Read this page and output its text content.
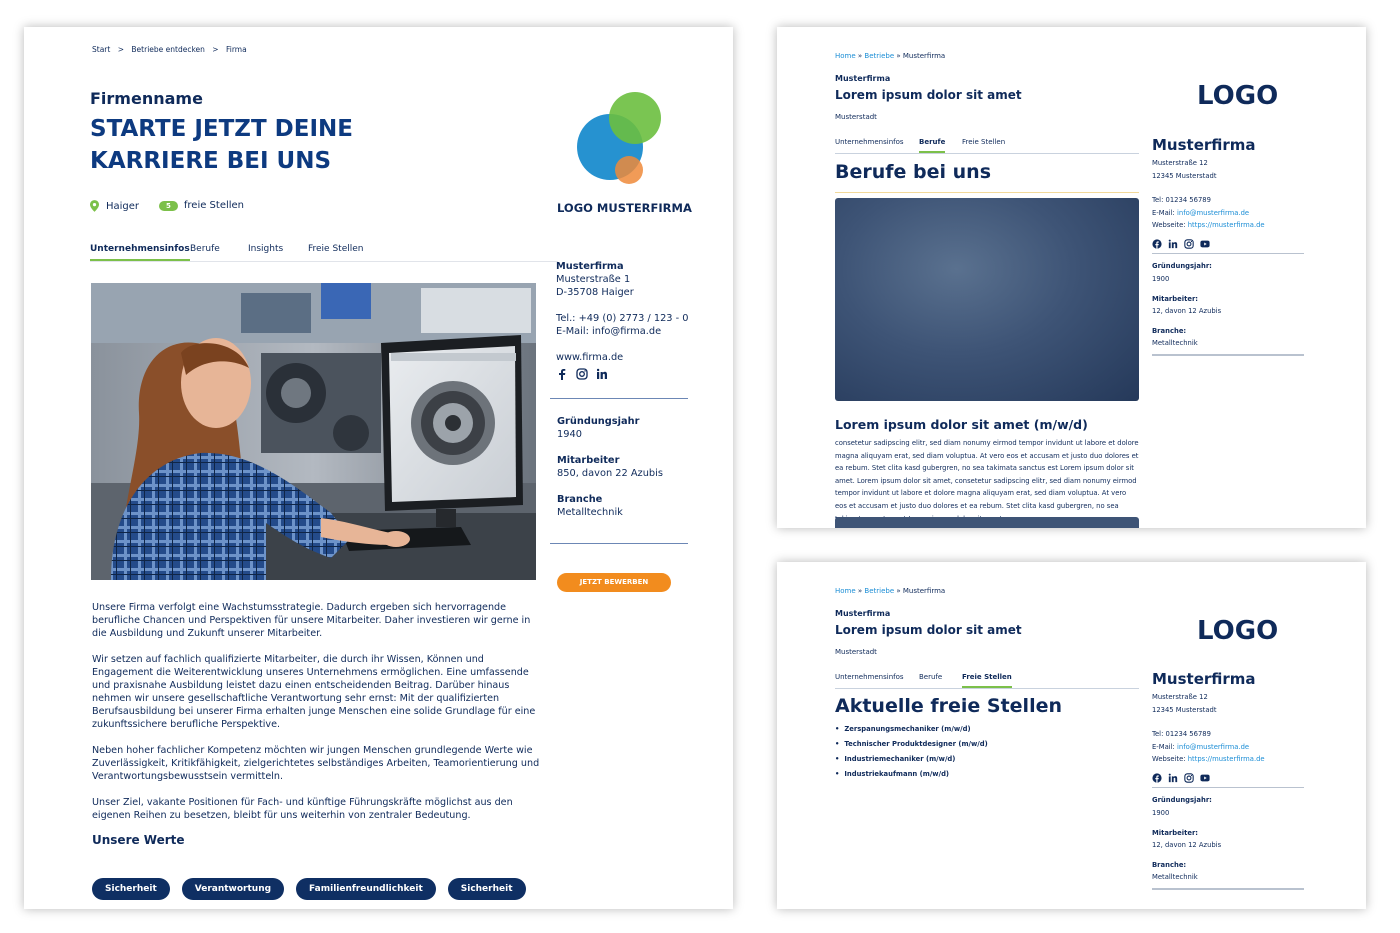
Start > Betriebe entdecken > Firma
Firmenname
STARTE JETZT DEINE
KARRIERE BEI UNS
Haiger	5	freie Stellen
Unternehmensinfos Berufe	Insights	Freie Stellen

Unsere Firma verfolgt eine Wachstumsstrategie. Dadurch ergeben sich hervorragende berufliche Chancen und Perspektiven für unsere Mitarbeiter. Daher investieren wir gerne in die Ausbildung und Zukunft unserer Mitarbeiter.

Wir setzen auf fachlich qualifizierte Mitarbeiter, die durch ihr Wissen, Können und Engagement die Weiterentwicklung unseres Unternehmens ermöglichen. Eine umfassende und praxisnahe Ausbildung leistet dazu einen entscheidenden Beitrag. Darüber hinaus nehmen wir unsere gesellschaftliche Verantwortung sehr ernst: Mit der qualifizierten Berufsausbildung bei unserer Firma erhalten junge Menschen eine solide Grundlage für eine zukunftssichere berufliche Perspektive.

Neben hoher fachlicher Kompetenz möchten wir jungen Menschen grundlegende Werte wie Zuverlässigkeit, Kritikfähigkeit, zielgerichtetes selbständiges Arbeiten, Teamorientierung und Verantwortungsbewusstsein vermitteln.

Unser Ziel, vakante Positionen für Fach- und künftige Führungskräfte möglichst aus den eigenen Reihen zu besetzen, bleibt für uns weiterhin von zentraler Bedeutung.

Unsere Werte
Sicherheit	Verantwortung	Familienfreundlichkeit	Sicherheit
LOGO MUSTERFIRMA
Musterfirma
Musterstraße 1
D-35708 Haiger
Tel.: +49 (0) 2773 / 123 - 0
E-Mail: info@firma.de
www.firma.de
Gründungsjahr
1940
Mitarbeiter
850, davon 22 Azubis
Branche
Metalltechnik
JETZT BEWERBEN
Home » Betriebe » Musterfirma
Musterfirma
Lorem ipsum dolor sit amet
Musterstadt
Unternehmensinfos Berufe Freie Stellen
Berufe bei uns
Lorem ipsum dolor sit amet (m/w/d)
consetetur sadipscing elitr, sed diam nonumy eirmod tempor invidunt ut labore et dolore magna aliquyam erat, sed diam voluptua. At vero eos et accusam et justo duo dolores et ea rebum. Stet clita kasd gubergren, no sea takimata sanctus est Lorem ipsum dolor sit amet. Lorem ipsum dolor sit amet, consetetur sadipscing elitr, sed diam nonumy eirmod tempor invidunt ut labore et dolore magna aliquyam erat, sed diam voluptua. At vero eos et accusam et justo duo dolores et ea rebum. Stet clita kasd gubergren, no sea
LOGO
Musterfirma
Musterstraße 12
12345 Musterstadt
Tel: 01234 56789
E-Mail: info@musterfirma.de
Webseite: https://musterfirma.de
Gründungsjahr:
1900
Mitarbeiter:
12, davon 12 Azubis
Branche:
Metalltechnik
Home » Betriebe » Musterfirma
Musterfirma
Lorem ipsum dolor sit amet
Musterstadt
Unternehmensinfos Berufe	Freie Stellen
Aktuelle freie Stellen
• Zerspanungsmechaniker (m/w/d)
• Technischer Produktdesigner (m/w/d)
• Industriemechaniker (m/w/d)
• Industriekaufmann (m/w/d)
LOGO
Musterfirma
Musterstraße 12
12345 Musterstadt
Tel: 01234 56789
E-Mail: info@musterfirma.de
Webseite: https://musterfirma.de
Gründungsjahr:
1900
Mitarbeiter:
12, davon 12 Azubis
Branche:
Metalltechnik
